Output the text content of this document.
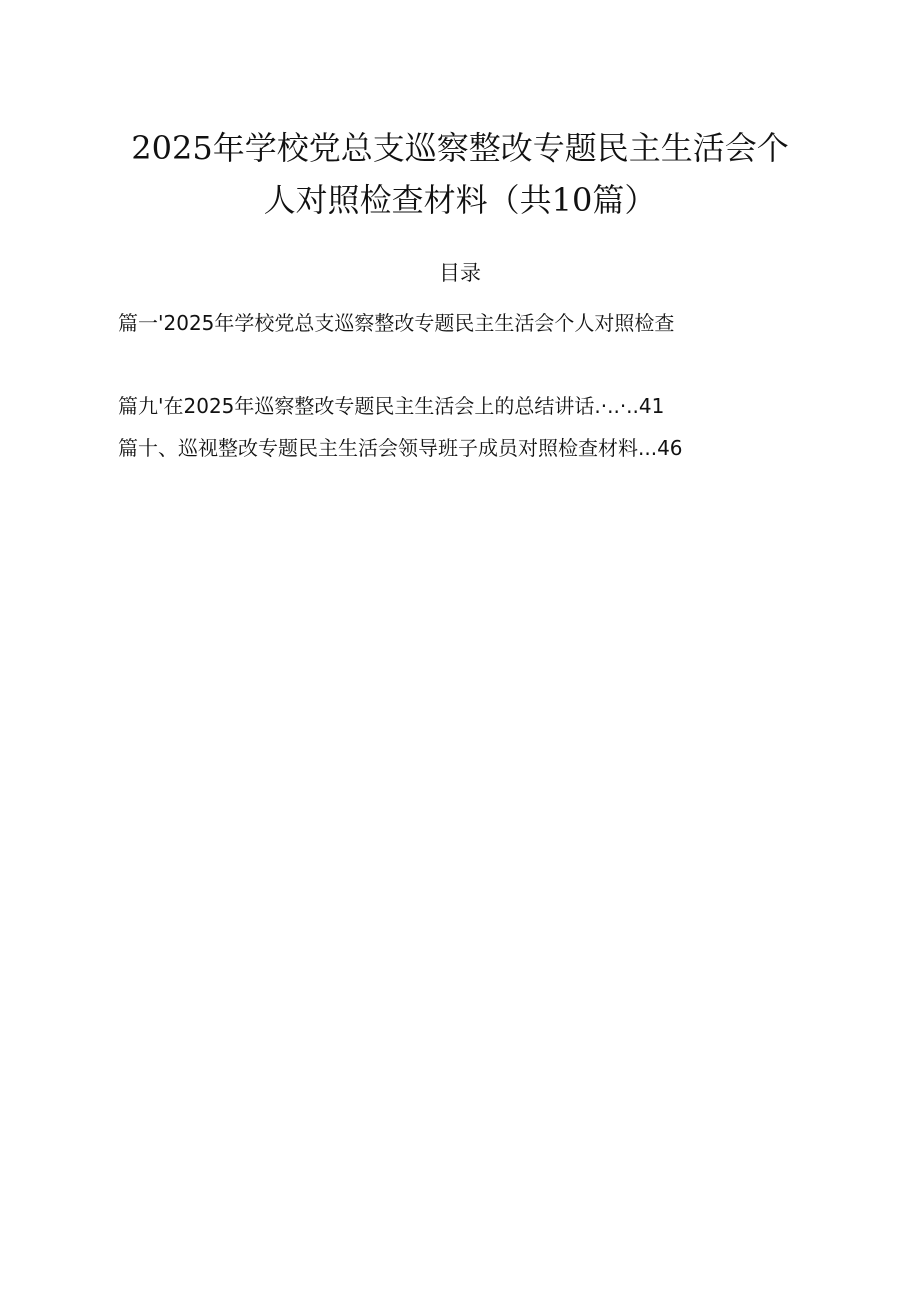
2025年学校党总支巡察整改专题民主生活会个
人对照检查材料（共10篇）
目录
篇一'2025年学校党总支巡察整改专题民主生活会个人对照检查
篇九'在2025年巡察整改专题民主生活会上的总结讲话.·..·..41
篇十、巡视整改专题民主生活会领导班子成员对照检查材料...46
